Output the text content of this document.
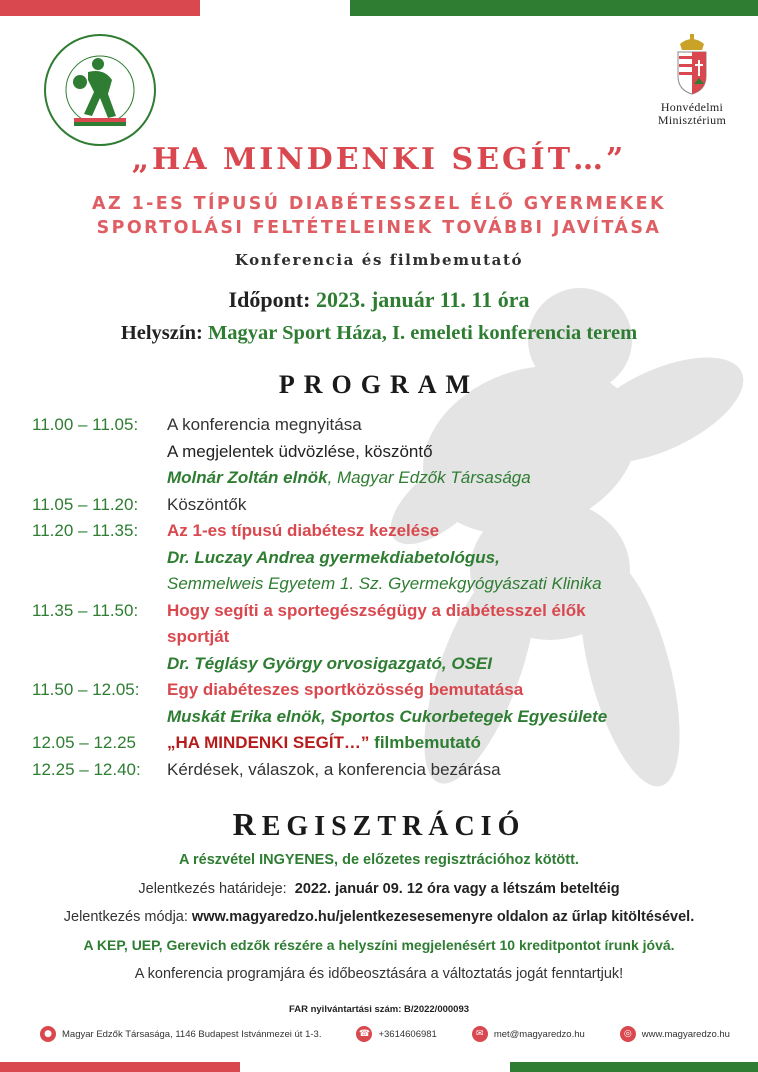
Honvédelmi
Minisztérium
„HA MINDENKI SEGÍT…”
AZ 1-ES TÍPUSÚ DIABÉTESSZEL ÉLŐ GYERMEKEK
SPORTOLÁSI FELTÉTELEINEK TOVÁBBI JAVÍTÁSA
Konferencia és filmbemutató
Időpont: 2023. január 11. 11 óra
Helyszín: Magyar Sport Háza, I. emeleti konferencia terem
PROGRAM
11.00 – 11.05:	A konferencia megnyitása
A megjelentek üdvözlése, köszöntő
Molnár Zoltán elnök, Magyar Edzők Társasága
11.05 – 11.20:	Köszöntők
11.20 – 11.35:	Az 1-es típusú diabétesz kezelése
Dr. Luczay Andrea gyermekdiabetológus,
Semmelweis Egyetem 1. Sz. Gyermekgyógyászati Klinika
11.35 – 11.50:	Hogy segíti a sportegészségügy a diabétesszel élők
sportját
Dr. Téglásy György orvosigazgató, OSEI
11.50 – 12.05:	Egy diabéteszes sportközösség bemutatása
Muskát Erika elnök, Sportos Cukorbetegek Egyesülete
12.05 – 12.25	„HA MINDENKI SEGÍT…” filmbemutató
12.25 – 12.40:	Kérdések, válaszok, a konferencia bezárása
REGISZTRÁCIÓ
A részvétel INGYENES, de előzetes regisztrációhoz kötött.
Jelentkezés határideje: 2022. január 09. 12 óra vagy a létszám beteltéig
Jelentkezés módja: www.magyaredzo.hu/jelentkezesesemenyre oldalon az űrlap kitöltésével.
A KEP, UEP, Gerevich edzők részére a helyszíni megjelenésért 10 kreditpontot írunk jóvá.
A konferencia programjára és időbeosztására a változtatás jogát fenntartjuk!
FAR nyilvántartási szám: B/2022/000093
●	Magyar Edzők Társasága, 1146 Budapest Istvánmezei út 1-3.	☎ +3614606981	✉	met@magyaredzo.hu	◎	www.magyaredzo.hu
